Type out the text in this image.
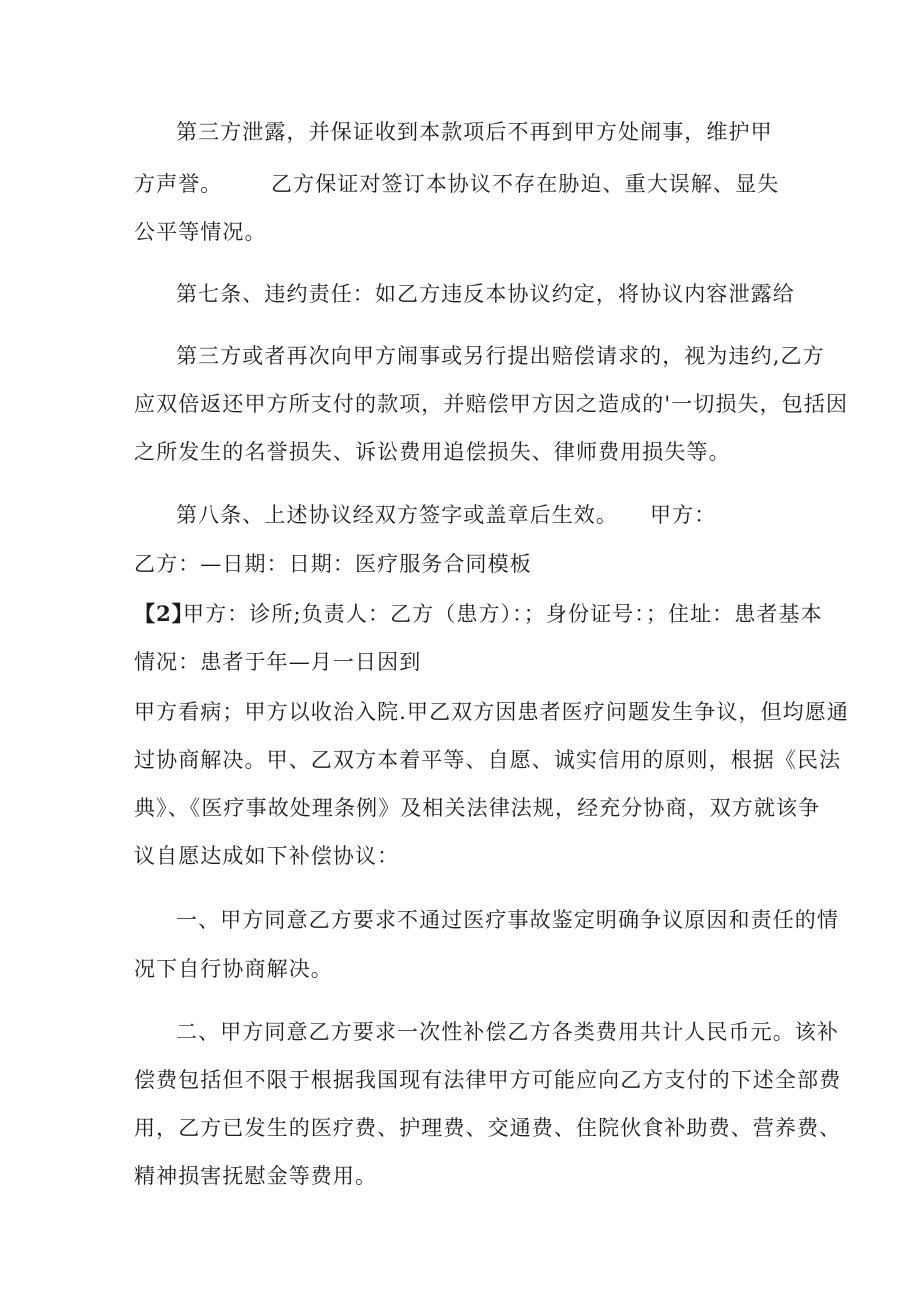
第三方泄露，并保证收到本款项后不再到甲方处闹事，维护甲
方声誉。 乙方保证对签订本协议不存在胁迫、重大误解、显失
公平等情况。
第七条、违约责任：如乙方违反本协议约定，将协议内容泄露给
第三方或者再次向甲方闹事或另行提出赔偿请求的，视为违约,乙方
应双倍返还甲方所支付的款项，并赔偿甲方因之造成的'一切损失，包括因
之所发生的名誉损失、诉讼费用追偿损失、律师费用损失等。
第八条、上述协议经双方签字或盖章后生效。 甲方：
乙方：—日期：日期：医疗服务合同模板
【2】
甲方：诊所;负责人：乙方（患方）：；身份证号：；住址：患者基本
情况：患者于年—月一日因到
甲方看病；甲方以收治入院.甲乙双方因患者医疗问题发生争议，但均愿通
过协商解决。甲、乙双方本着平等、自愿、诚实信用的原则，根据《民法
典》、《医疗事故处理条例》及相关法律法规，经充分协商，双方就该争
议自愿达成如下补偿协议：
一、甲方同意乙方要求不通过医疗事故鉴定明确争议原因和责任的情
况下自行协商解决。
二、甲方同意乙方要求一次性补偿乙方各类费用共计人民币元。该补
偿费包括但不限于根据我国现有法律甲方可能应向乙方支付的下述全部费
用，乙方已发生的医疗费、护理费、交通费、住院伙食补助费、营养费、
精神损害抚慰金等费用。
